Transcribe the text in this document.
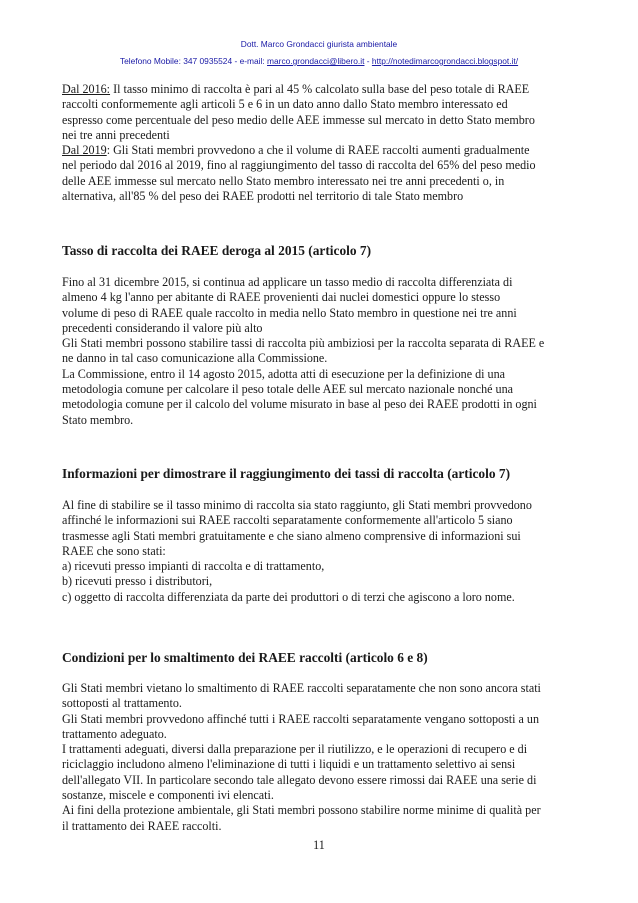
Dott. Marco Grondacci giurista ambientale
Telefono Mobile: 347 0935524 - e-mail: marco.grondacci@libero.it - http://notedimarcogrondacci.blogspot.it/

Dal 2016: Il tasso minimo di raccolta è pari al 45 % calcolato sulla base del peso totale di RAEE

raccolti conformemente agli articoli 5 e 6 in un dato anno dallo Stato membro interessato ed

espresso come percentuale del peso medio delle AEE immesse sul mercato in detto Stato membro

nei tre anni precedenti

Dal 2019: Gli Stati membri provvedono a che il volume di RAEE raccolti aumenti gradualmente

nel periodo dal 2016 al 2019, fino al raggiungimento del tasso di raccolta del 65% del peso medio

delle AEE immesse sul mercato nello Stato membro interessato nei tre anni precedenti o, in

alternativa, all'85 % del peso dei RAEE prodotti nel territorio di tale Stato membro

Tasso di raccolta dei RAEE deroga al 2015 (articolo 7)

Fino al 31 dicembre 2015, si continua ad applicare un tasso medio di raccolta differenziata di

almeno 4 kg l'anno per abitante di RAEE provenienti dai nuclei domestici oppure lo stesso

volume di peso di RAEE quale raccolto in media nello Stato membro in questione nei tre anni

precedenti considerando il valore più alto

Gli Stati membri possono stabilire tassi di raccolta più ambiziosi per la raccolta separata di RAEE e

ne danno in tal caso comunicazione alla Commissione.

La Commissione, entro il 14 agosto 2015, adotta atti di esecuzione per la definizione di una

metodologia comune per calcolare il peso totale delle AEE sul mercato nazionale nonché una

metodologia comune per il calcolo del volume misurato in base al peso dei RAEE prodotti in ogni

Stato membro.

Informazioni per dimostrare il raggiungimento dei tassi di raccolta (articolo 7)

Al fine di stabilire se il tasso minimo di raccolta sia stato raggiunto, gli Stati membri provvedono

affinché le informazioni sui RAEE raccolti separatamente conformemente all'articolo 5 siano

trasmesse agli Stati membri gratuitamente e che siano almeno comprensive di informazioni sui

RAEE che sono stati:

a) ricevuti presso impianti di raccolta e di trattamento,

b) ricevuti presso i distributori,

c) oggetto di raccolta differenziata da parte dei produttori o di terzi che agiscono a loro nome.

Condizioni per lo smaltimento dei RAEE raccolti (articolo 6 e 8)

Gli Stati membri vietano lo smaltimento di RAEE raccolti separatamente che non sono ancora stati

sottoposti al trattamento.

Gli Stati membri provvedono affinché tutti i RAEE raccolti separatamente vengano sottoposti a un

trattamento adeguato.

I trattamenti adeguati, diversi dalla preparazione per il riutilizzo, e le operazioni di recupero e di

riciclaggio includono almeno l'eliminazione di tutti i liquidi e un trattamento selettivo ai sensi

dell'allegato VII. In particolare secondo tale allegato devono essere rimossi dai RAEE una serie di

sostanze, miscele e componenti ivi elencati.

Ai fini della protezione ambientale, gli Stati membri possono stabilire norme minime di qualità per

il trattamento dei RAEE raccolti.

11
